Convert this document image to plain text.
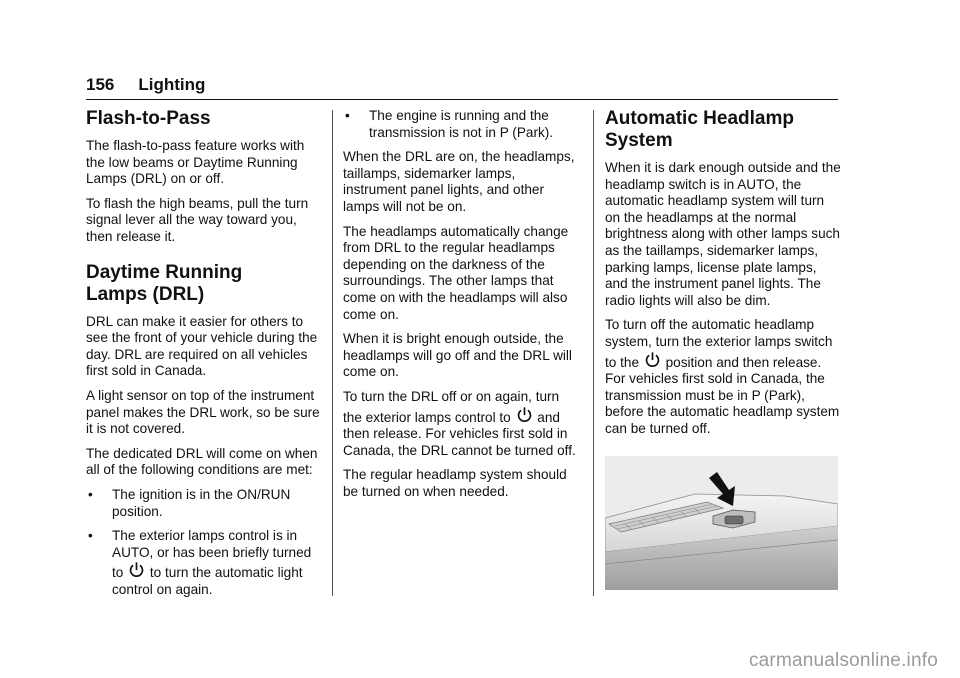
156 Lighting
Flash-to-Pass

The flash-to-pass feature works with the low beams or Daytime Running Lamps (DRL) on or off.

To flash the high beams, pull the turn signal lever all the way toward you, then release it.

Daytime Running
Lamps (DRL)

DRL can make it easier for others to see the front of your vehicle during the day. DRL are required on all vehicles first sold in Canada.

A light sensor on top of the instrument panel makes the DRL work, so be sure it is not covered.

The dedicated DRL will come on when all of the following conditions are met:

• The ignition is in the ON/RUN position.
• The exterior lamps control is in AUTO, or has been briefly turned to to turn the automatic light control on again.
• The engine is running and the transmission is not in P (Park).

When the DRL are on, the headlamps, taillamps, sidemarker lamps, instrument panel lights, and other lamps will not be on.

The headlamps automatically change from DRL to the regular headlamps depending on the darkness of the surroundings. The other lamps that come on with the headlamps will also come on.

When it is bright enough outside, the headlamps will go off and the DRL will come on.

To turn the DRL off or on again, turn the exterior lamps control to and then release. For vehicles first sold in Canada, the DRL cannot be turned off.

The regular headlamp system should be turned on when needed.

Automatic Headlamp
System

When it is dark enough outside and the headlamp switch is in AUTO, the automatic headlamp system will turn on the headlamps at the normal brightness along with other lamps such as the taillamps, sidemarker lamps, parking lamps, license plate lamps, and the instrument panel lights. The radio lights will also be dim.

To turn off the automatic headlamp system, turn the exterior lamps switch to the position and then release. For vehicles first sold in Canada, the transmission must be in P (Park), before the automatic headlamp system can be turned off.

carmanualsonline.info
